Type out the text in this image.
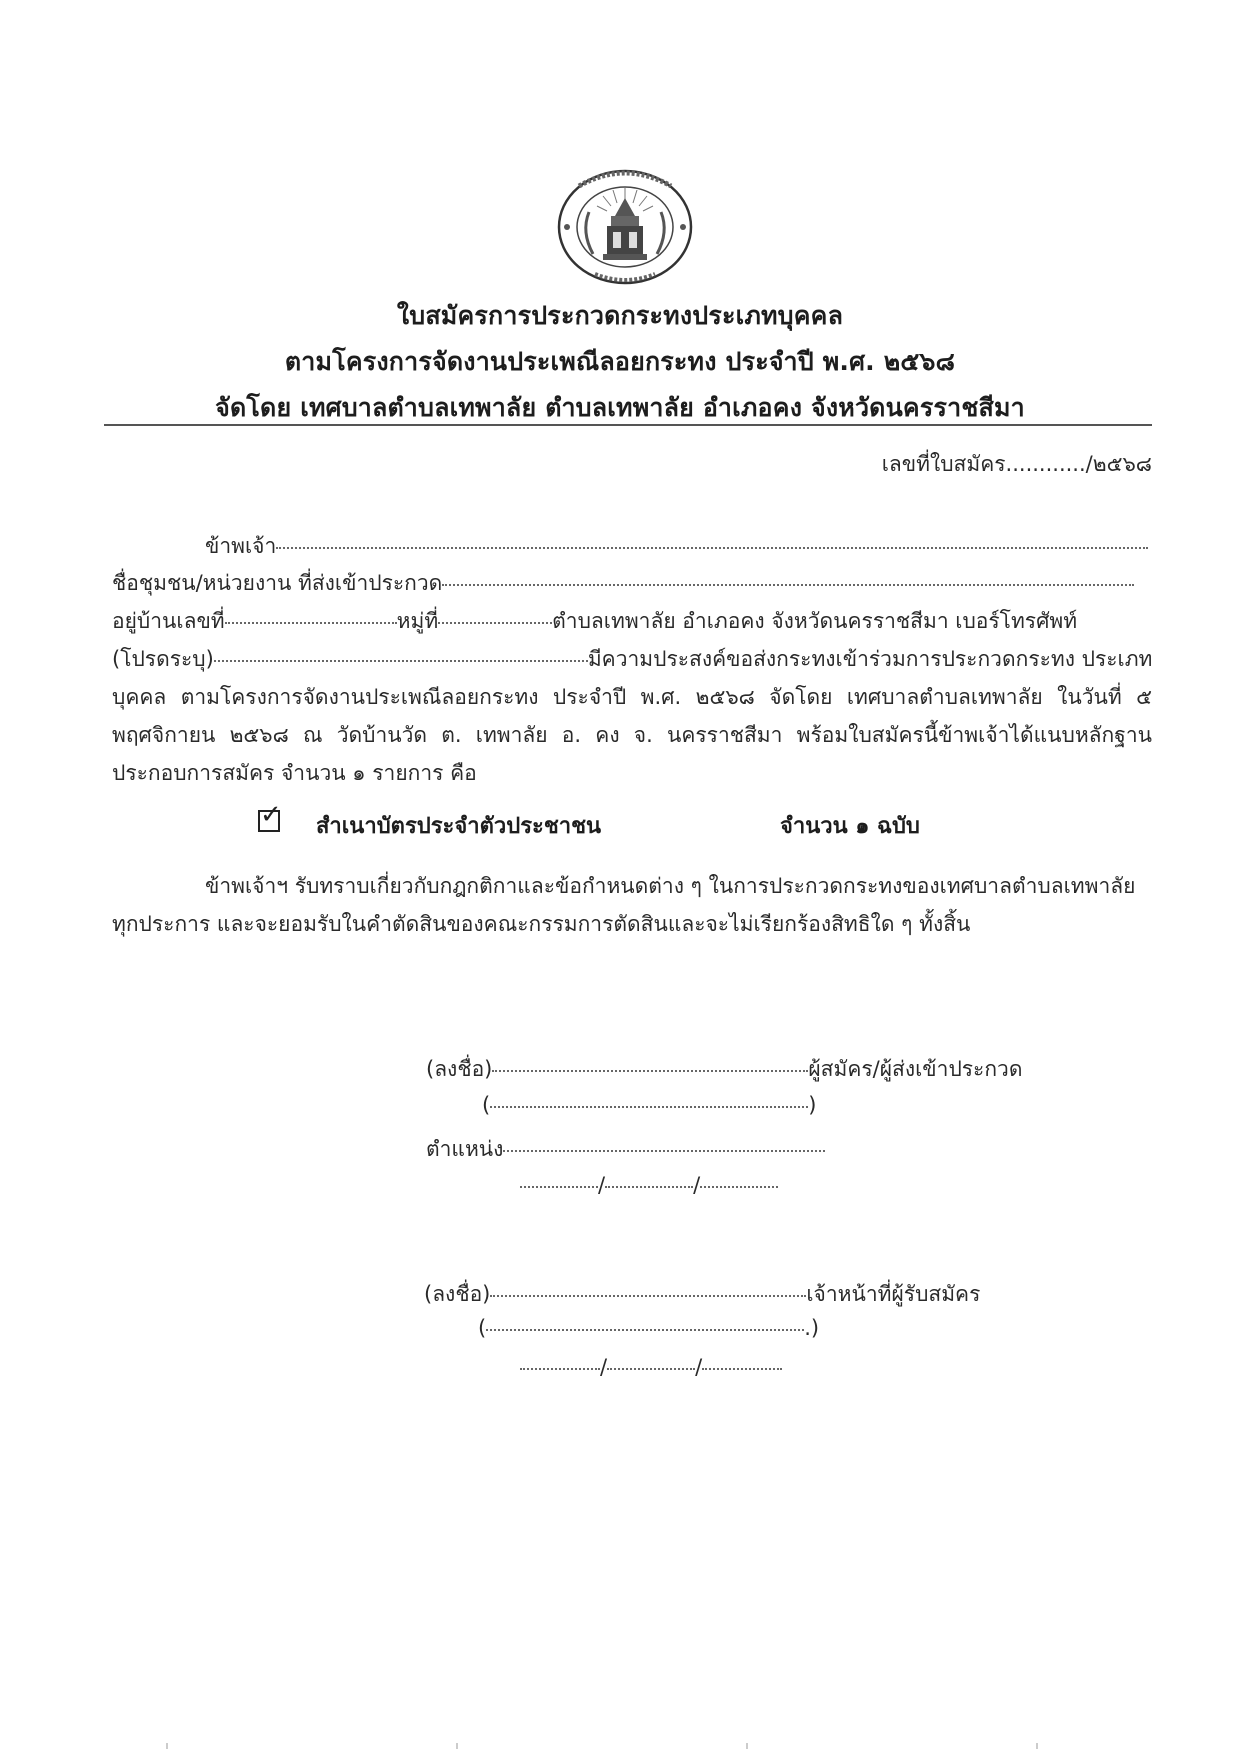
ใบสมัครการประกวดกระทงประเภทบุคคล
ตามโครงการจัดงานประเพณีลอยกระทง ประจำปี พ.ศ. ๒๕๖๘
จัดโดย เทศบาลตำบลเทพาลัย ตำบลเทพาลัย อำเภอคง จังหวัดนครราชสีมา
เลขที่ใบสมัคร............/๒๕๖๘
ข้าพเจ้า
ชื่อชุมชน/หน่วยงาน ที่ส่งเข้าประกวด
อยู่บ้านเลขที่	หมู่ที่	ตำบลเทพาลัย อำเภอคง จังหวัดนครราชสีมา เบอร์โทรศัพท์
(โปรดระบุ)	มีความประสงค์ขอส่งกระทงเข้าร่วมการประกวดกระทง ประเภท
บุคคล ตามโครงการจัดงานประเพณีลอยกระทง ประจำปี พ.ศ. ๒๕๖๘ จัดโดย เทศบาลตำบลเทพาลัย ในวันที่ ๕
พฤศจิกายน ๒๕๖๘ ณ วัดบ้านวัด ต. เทพาลัย อ. คง จ. นครราชสีมา พร้อมใบสมัครนี้ข้าพเจ้าได้แนบหลักฐาน
ประกอบการสมัคร จำนวน ๑ รายการ คือ
✓ สำเนาบัตรประจำตัวประชาชน	จำนวน ๑ ฉบับ
ข้าพเจ้าฯ รับทราบเกี่ยวกับกฎกติกาและข้อกำหนดต่าง ๆ ในการประกวดกระทงของเทศบาลตำบลเทพาลัย
ทุกประการ และจะยอมรับในคำตัดสินของคณะกรรมการตัดสินและจะไม่เรียกร้องสิทธิใด ๆ ทั้งสิ้น
(ลงชื่อ)	ผู้สมัคร/ผู้ส่งเข้าประกวด
(	)
ตำแหน่ง
/	/
(ลงชื่อ)	เจ้าหน้าที่ผู้รับสมัคร
(	.)
/	/
